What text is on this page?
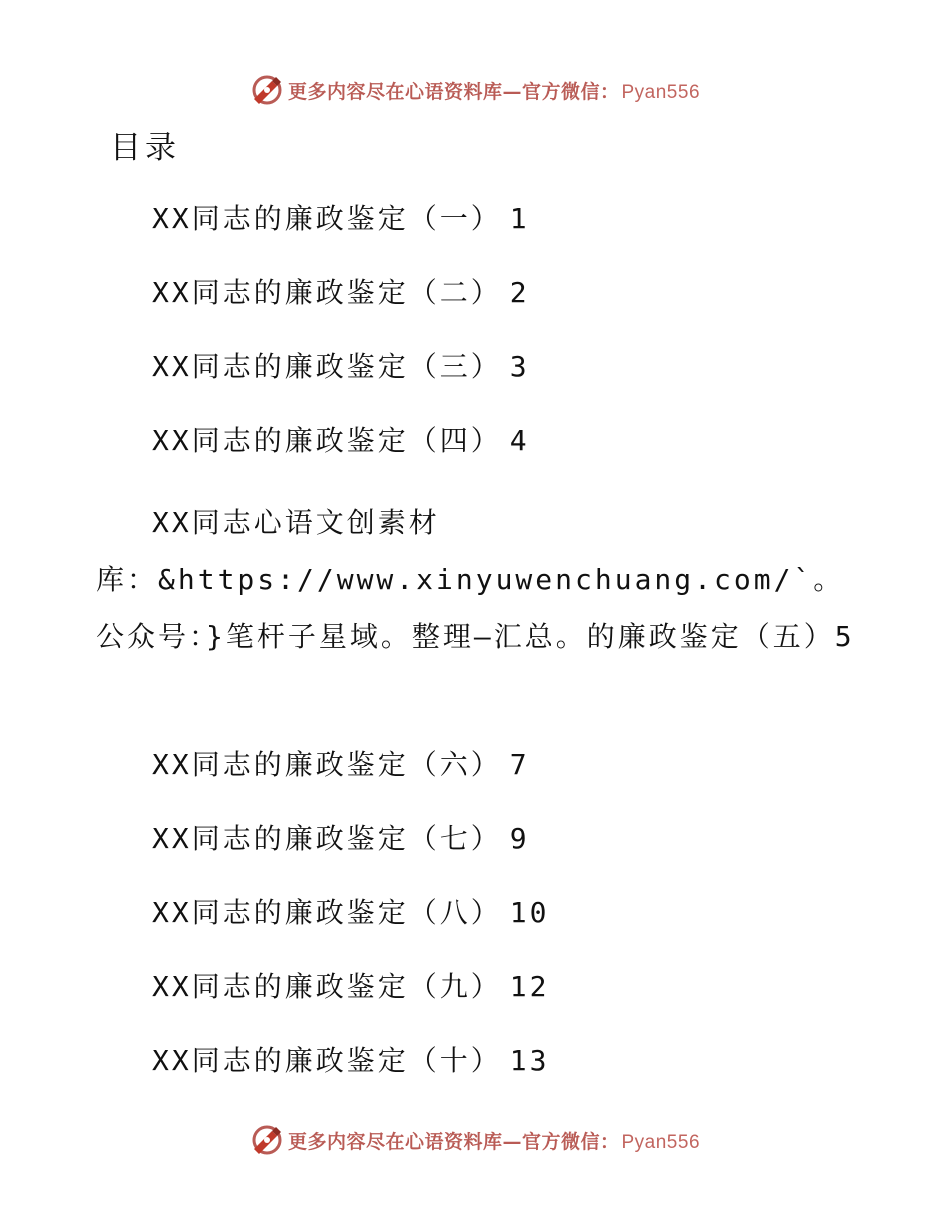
更多内容尽在心语资料库—官方微信： Pyan556
目录
XX同志的廉政鉴定（一） 1
XX同志的廉政鉴定（二） 2
XX同志的廉政鉴定（三） 3
XX同志的廉政鉴定（四） 4
XX同志心语文创素材
库：&https://www.xinyuwenchuang.com/`。公众号：}笔杆子星域。整理—汇总。的廉政鉴定（五）5
XX同志的廉政鉴定（六） 7
XX同志的廉政鉴定（七） 9
XX同志的廉政鉴定（八） 10
XX同志的廉政鉴定（九） 12
XX同志的廉政鉴定（十） 13
更多内容尽在心语资料库—官方微信： Pyan556
